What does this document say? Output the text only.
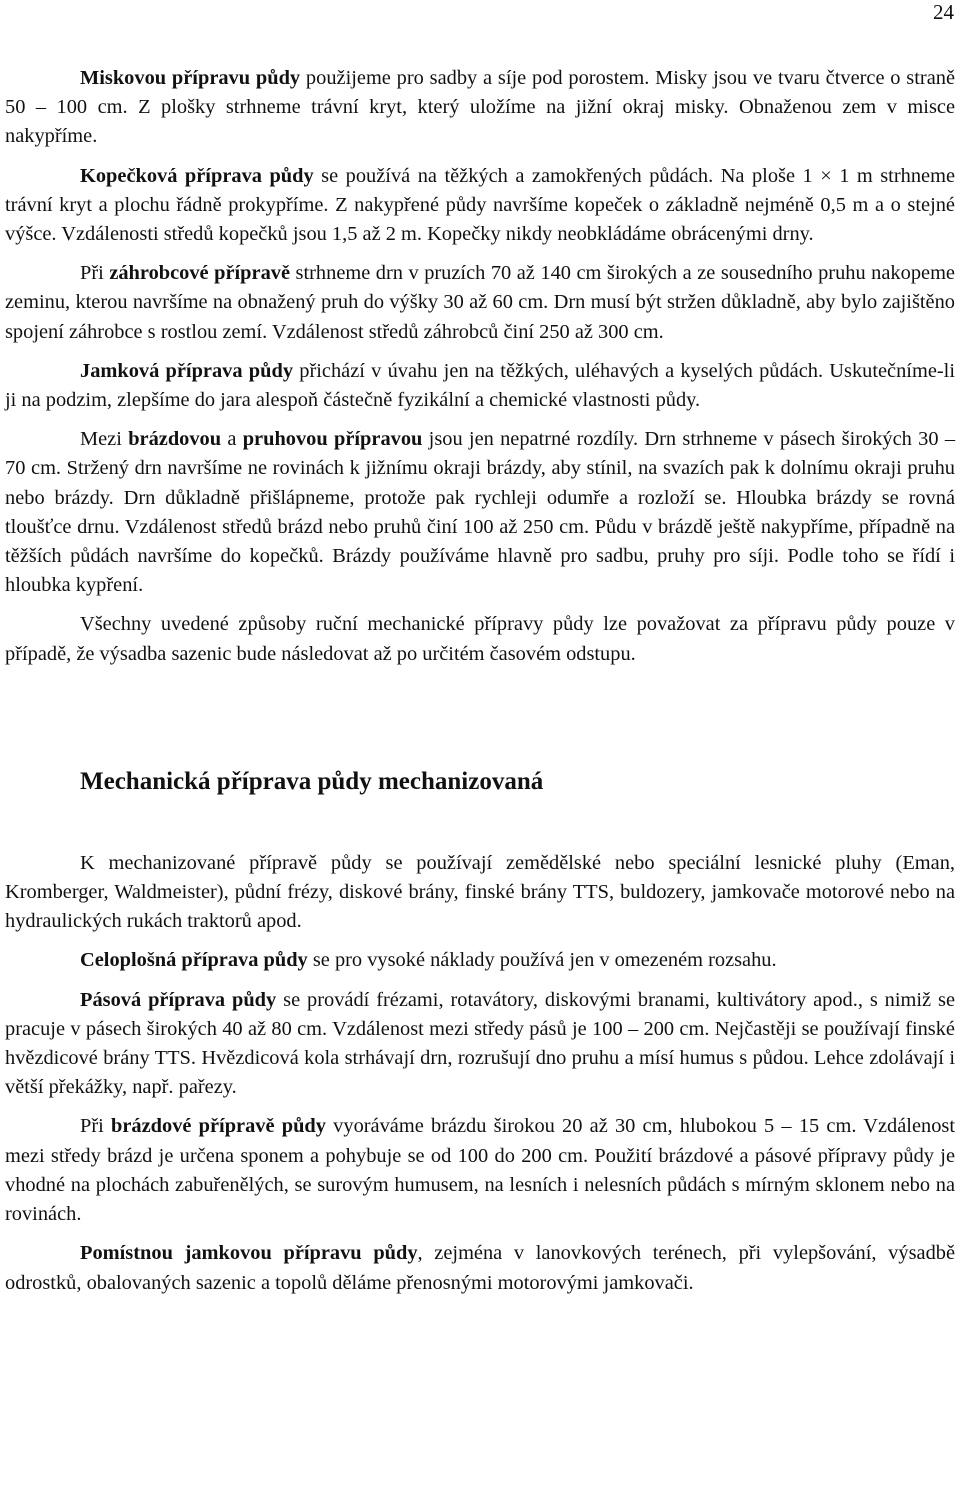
24

Miskovou přípravu půdy použijeme pro sadby a síje pod porostem. Misky jsou ve tvaru čtverce o straně 50 – 100 cm. Z plošky strhneme trávní kryt, který uložíme na jižní okraj misky. Obnaženou zem v misce nakypříme.

Kopečková příprava půdy se používá na těžkých a zamokřených půdách. Na ploše 1 × 1 m strhneme trávní kryt a plochu řádně prokypříme. Z nakypřené půdy navršíme kopeček o základně nejméně 0,5 m a o stejné výšce. Vzdálenosti středů kopečků jsou 1,5 až 2 m. Kopečky nikdy neobkládáme obrácenými drny.

Při záhrobcové přípravě strhneme drn v pruzích 70 až 140 cm širokých a ze sousedního pruhu nakopeme zeminu, kterou navršíme na obnažený pruh do výšky 30 až 60 cm. Drn musí být stržen důkladně, aby bylo zajištěno spojení záhrobce s rostlou zemí. Vzdálenost středů záhrobců činí 250 až 300 cm.

Jamková příprava půdy přichází v úvahu jen na těžkých, uléhavých a kyselých půdách. Uskutečníme-li ji na podzim, zlepšíme do jara alespoň částečně fyzikální a chemické vlastnosti půdy.

Mezi brázdovou a pruhovou přípravou jsou jen nepatrné rozdíly. Drn strhneme v pásech širokých 30 – 70 cm. Stržený drn navršíme ne rovinách k jižnímu okraji brázdy, aby stínil, na svazích pak k dolnímu okraji pruhu nebo brázdy. Drn důkladně přišlápneme, protože pak rychleji odumře a rozloží se. Hloubka brázdy se rovná tloušťce drnu. Vzdálenost středů brázd nebo pruhů činí 100 až 250 cm. Půdu v brázdě ještě nakypříme, případně na těžších půdách navršíme do kopečků. Brázdy používáme hlavně pro sadbu, pruhy pro síji. Podle toho se řídí i hloubka kypření.

Všechny uvedené způsoby ruční mechanické přípravy půdy lze považovat za přípravu půdy pouze v případě, že výsadba sazenic bude následovat až po určitém časovém odstupu.

Mechanická příprava půdy mechanizovaná

K mechanizované přípravě půdy se používají zemědělské nebo speciální lesnické pluhy (Eman, Kromberger, Waldmeister), půdní frézy, diskové brány, finské brány TTS, buldozery, jamkovače motorové nebo na hydraulických rukách traktorů apod.

Celoplošná příprava půdy se pro vysoké náklady používá jen v omezeném rozsahu.

Pásová příprava půdy se provádí frézami, rotavátory, diskovými branami, kultivátory apod., s nimiž se pracuje v pásech širokých 40 až 80 cm. Vzdálenost mezi středy pásů je 100 – 200 cm. Nejčastěji se používají finské hvězdicové brány TTS. Hvězdicová kola strhávají drn, rozrušují dno pruhu a mísí humus s půdou. Lehce zdolávají i větší překážky, např. pařezy.

Při brázdové přípravě půdy vyoráváme brázdu širokou 20 až 30 cm, hlubokou 5 – 15 cm. Vzdálenost mezi středy brázd je určena sponem a pohybuje se od 100 do 200 cm. Použití brázdové a pásové přípravy půdy je vhodné na plochách zabuřenělých, se surovým humusem, na lesních i nelesních půdách s mírným sklonem nebo na rovinách.

Pomístnou jamkovou přípravu půdy, zejména v lanovkových terénech, při vylepšování, výsadbě odrostků, obalovaných sazenic a topolů děláme přenosnými motorovými jamkovači.
